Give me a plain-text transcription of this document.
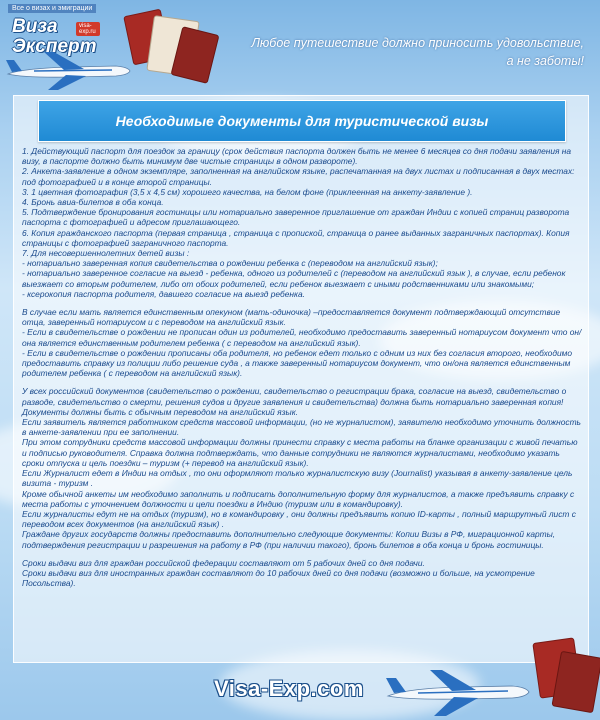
Все о визах и эмиграции
Виза
Эксперт
visa-exp.ru
Любое путешествие должно приносить удовольствие,
а не заботы!
Необходимые документы для туристической визы

1. Действующий паспорт для поездок за границу (срок действия паспорта должен быть не менее 6 месяцев со дня подачи заявления на визу, в паспорте должно быть минимум две чистые страницы в одном развороте).

2. Анкета-заявление в одном экземпляре, заполненная на английском языке, распечатанная на двух листах и подписанная в двух местах: под фотографией и в конце второй страницы.

3. 1 цветная фотография (3,5 х 4,5 см) хорошего качества, на белом фоне (приклеенная на анкету-заявление ).

4. Бронь авиа-билетов в оба конца.

5. Подтверждение бронирования гостиницы или нотариально заверенное приглашение от граждан Индии с копией страниц разворота паспорта с фотографией и адресом приглашающего.

6. Копия гражданского паспорта (первая страница , страница с пропиской, страница о ранее выданных заграничных паспортах). Копия страницы с фотографией заграничного паспорта.

7. Для несовершеннолетних детей визы :

- нотариально заверенная копия свидетельства о рождении ребенка с (переводом на английский язык);

- нотариально заверенное согласие на выезд - ребенка, одного из родителей с (переводом на английский язык ), в случае, если ребенок выезжает со вторым родителем, либо от обоих родителей, если ребенок выезжает с иными родственниками или знакомыми;

- ксерокопия паспорта родителя, давшего согласие на выезд ребенка.

В случае если мать является единственным опекуном (мать-одиночка) –предоставляется документ подтверждающий отсутствие отца, заверенный нотариусом и с переводом на английский язык.

- Если в свидетельстве о рождении не прописан один из родителей, необходимо предоставить заверенный нотариусом документ что он/она является единственным родителем ребенка ( с переводом на английский язык).

- Если в свидетельстве о рождении прописаны оба родителя, но ребенок едет только с одним из них без согласия второго, необходимо предоставить справку из полиции либо решение суда , а также заверенный нотариусом документ, что он/она является единственным родителем ребенка ( с переводом на английский язык).

У всех российский документов (свидетельство о рождении, свидетельство о регистрации брака, согласие на выезд, свидетельство о разводе, свидетельство о смерти, решения судов и другие заявления и свидетельства) должна быть нотариально заверенная копия!

Документы должны быть с обычным переводом на английский язык.

Если заявитель является работником средств массовой информации, (но не журналистом), заявителю необходимо уточнить должность в анкете-заявлении при ее заполнении.

При этом сотрудники средств массовой информации должны принести справку с места работы на бланке организации с живой печатью и подписью руководителя. Справка должна подтверждать, что данные сотрудники не являются журналистами, необходимо указать сроки отпуска и цель поездки – туризм (+ перевод на английский язык).

Если Журналист едет в Индии на отдых , то они оформляют только журналистскую визу (Journalist) указывая в анкету-заявление цель визита - туризм .

Кроме обычной анкеты им необходимо заполнить и подписать дополнительную форму для журналистов, а также предъявить справку с места работы с уточнением должности и цели поездки в Индию (туризм или в командировку).

Если журналисты едут не на отдых (туризм), но в командировку , они должны предъявить копию ID-карты , полный маршрутный лист с переводом всех документов (на английский язык) .

Граждане других государств должны предоставить дополнительно следующие документы: Копии Визы в РФ, миграционной карты, подтверждения регистрации и разрешения на работу в РФ (при наличии такого), бронь билетов в оба конца и бронь гостиницы.

Сроки выдачи виз для граждан российской федерации составляют от 5 рабочих дней со дня подачи.

Сроки выдачи виз для иностранных граждан составляют до 10 рабочих дней со дня подачи (возможно и больше, на усмотрение Посольства).

Visa-Exp.com
